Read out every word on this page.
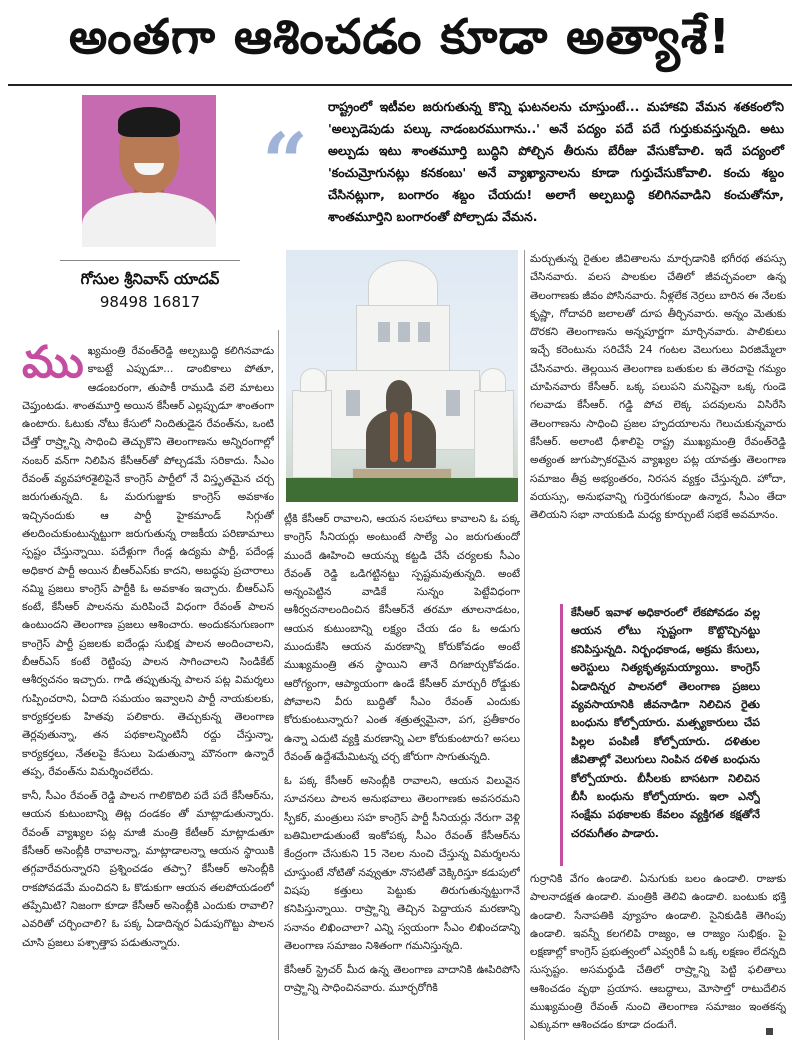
అంతగా ఆశించడం కూడా అత్యాశే!
గోసుల శ్రీనివాస్ యాదవ్
98498 16817
“
రాష్ట్రంలో ఇటీవల జరుగుతున్న కొన్ని ఘటనలను చూస్తుంటే... మహాకవి వేమన శతకంలోని 'అల్పుడెపుడు పల్కు నాడంబరముగాను..' అనే పద్యం పదే పదే గుర్తుకువస్తున్నది. అటు అల్పుడు ఇటు శాంతమూర్తి బుద్ధిని పోల్చిన తీరును బేరీజు వేసుకోవాలి. ఇదే పద్యంలో 'కంచుమ్రోగునట్లు కనకంబు' అనే వ్యాఖ్యానాలను కూడా గుర్తుచేసుకోవాలి. కంచు శబ్దం చేసినట్లుగా, బంగారం శబ్దం చేయదు! అలాగే అల్పబుద్ధి కలిగినవాడిని కంచుతోనూ, శాంతమూర్తిని బంగారంతో పోల్చాడు వేమన.

ముఖ్యమంత్రి రేవంత్‌రెడ్డి అల్పబుద్ధి కలిగినవాడు కాబట్టే ఎప్పుడూ... డాంబికాలు పోతూ, ఆడంబరంగా, తుపాకీ రాముడి వలె మాటలు చెప్తుంటడు. శాంతమూర్తి అయిన కేసీఆర్ ఎల్లప్పుడూ శాంతంగా ఉంటారు. ఓటుకు నోటు కేసులో నిందితుడైన రేవంత్‌ను, ఒంటి చేత్తో రాష్ర్టాన్ని సాధించి తెచ్చుకొని తెలంగాణను అన్నిరంగాల్లో నంబర్ వన్‌గా నిలిపిన కేసీఆర్‌తో పోల్చడమే సరికాదు. సీఎం రేవంత్ వ్యవహారశైలిపైనే కాంగ్రెస్ పార్టీలో నే విస్తృతమైన చర్చ జరుగుతున్నది. ఓ మరుగుజ్జుకు కాంగ్రెస్ అవకాశం ఇచ్చినందుకు ఆ పార్టీ హైకమాండ్ సిగ్గుతో తలదించుకుంటున్నట్టుగా జరుగుతున్న రాజకీయ పరిణామాలు స్పష్టం చేస్తున్నాయి. పదేళ్లుగా గేండ్ల ఉద్యమ పార్టీ, పదేండ్ల అధికార పార్టీ అయిన బీఆర్‌ఎస్‌కు కాదని, అబద్ధపు ప్రచారాలు నమ్మి ప్రజలు కాంగ్రెస్ పార్టీకి ఓ అవకాశం ఇచ్చారు. బీఆర్‌ఎస్ కంటే, కేసీఆర్ పాలనను మరిపించే విధంగా రేవంత్ పాలన ఉంటుందని తెలంగాణ ప్రజలు ఆశించారు. అందుకనుగుణంగా కాంగ్రెస్ పార్టీ ప్రజలకు ఐదేండ్లు సుభిక్ష పాలన అందించాలని, బీఆర్‌ఎస్ కంటే రెట్టింపు పాలన సాగించాలని సిండికేట్ ఆశీర్వచనం ఇచ్చారు. గాడి తప్పుతున్న పాలన పట్ల విమర్శలు గుప్పించరాని, ఏదాది సమయం ఇవ్వాలని పార్టీ నాయకులకు, కార్యకర్తలకు హితవు పలికారు. తెచ్చుకున్న తెలంగాణ తెర్లవుతున్నా, తన పథకాలన్నింటినీ రద్దు చేస్తున్నా, కార్యకర్తలు, నేతలపై కేసులు పెడుతున్నా మౌనంగా ఉన్నారే తప్ప, రేవంత్‌ను విమర్శించలేదు.

కానీ, సీఎం రేవంత్ రెడ్డి పాలన గాలికొదిలి పదే పదే కేసీఆర్‌ను, ఆయన కుటుంబాన్ని తిట్ల దండకం తో మాట్లాడుతున్నారు. రేవంత్ వ్యాఖ్యల పట్ల మాజీ మంత్రి కేటీఆర్ మాట్లాడుతూ కేసీఆర్ అసెంబ్లీకి రావాలన్నా, మాట్లాడాలన్నా ఆయన స్థాయికి తగ్గవారేవరున్నారని ప్రశ్నించడం తప్పా? కేసీఆర్ అసెంబ్లీకి రాకపోవడమే మంచిదని ఓ కొడుకుగా ఆయన తలపోయడంలో తప్పేమిటి? నిజంగా కూడా కేసీఆర్ అసెంబ్లీకి ఎందుకు రావాలి? ఎవరితో చర్చించాలి? ఓ పక్క ఏడాదిన్నర ఏడుపుగొట్టు పాలన చూసి ప్రజలు పశ్చాత్తాప పడుతున్నారు.

ట్లీకి కేసీఆర్ రావాలని, ఆయన సలహాలు కావాలని ఓ పక్క కాంగ్రెస్ సీనియర్లు అంటుంటే సాల్యే ఎం జరుగుతుందో ముందే ఊహించి ఆయన్ను కట్టడి చేసే చర్యలకు సీఎం రేవంత్ రెడ్డి ఒడిగట్టినట్టు స్పష్టమవుతున్నది. అంటే అన్నంపెట్టిన వాడికే సున్నం పెట్టేవిధంగా ఆశీర్వచనాలందించిన కేసీఆర్‌నే తరమా తూలనాడటం, ఆయన కుటుంబాన్ని లక్ష్యం చేయ డం ఓ అడుగు ముందుకేసి ఆయన మరణాన్ని కోరుకోవడం అంటే ముఖ్యమంత్రి తన స్థాయిని తానే దిగజార్చుకోవడం. ఆరోగ్యంగా, ఆప్యాయంగా ఉండే కేసీఆర్ మార్చురీ రోడ్డుకు పోవాలని వీరు బుద్ధితో సీఎం రేవంత్ ఎందుకు కోరుకుంటున్నారు? ఎంత శత్రుత్వమైనా, పగ, ప్రతీకారం ఉన్నా ఎదుటి వ్యక్తి మరణాన్ని ఎలా కోరుకుంటారు? అసలు రేవంత్ ఉద్దేశమేమిటన్న చర్చ జోరుగా సాగుతున్నది.

ఓ పక్క కేసీఆర్ అసెంబ్లీకి రావాలని, ఆయన విలువైన సూచనలు పాలన అనుభవాలు తెలంగాణకు అవసరమని స్పీకర్, మంత్రులు సహ కాంగ్రెస్ పార్టీ సీనియర్లు నేరుగా వెళ్లి బతిమిలాడుతుంటే ఇంకోపక్క సీఎం రేవంత్ కేసీఆర్‌ను కేంద్రంగా చేసుకుని 15 నెలల నుంచి చేస్తున్న విమర్శలను చూస్తుంటే నోటితో నవ్వుతూ నొసటితో వెక్కిరిస్తూ కడుపులో విషపు కత్తులు పెట్టుకు తిరుగుతున్నట్టుగానే కనిపిస్తున్నాయి. రాష్ర్టాన్ని తెచ్చిన పెద్దాయన మరణాన్ని సనానం లిఖించాలా? ఎన్ని స్వయంగా సీఎం లిఖించడాన్ని తెలంగాణ సమాజం నిశితంగా గమనిస్తున్నది.

కేసీఆర్ స్ట్రెచర్ మీద ఉన్న తెలంగాణ వాదానికి ఊపిరిపోసి రాష్ర్టాన్ని సాధించినవారు. మూర్ఛరోగికి

మర్చుతున్న రైతుల జీవితాలను మార్చడానికి భగీరథ తపస్సు చేసినవారు. వలస పాలకుల చేతిలో జీవచ్ఛవంలా ఉన్న తెలంగాణకు జీవం పోసినవారు. నీళ్లలేక నెర్రలు బారిన ఈ నేలకు కృష్ణా, గోదావరి జలాలతో దూప తీర్చినవారు. అన్నం మెతుకు దొరకని తెలంగాణను అన్నపూర్ణగా మార్చినవారు. పాలికులు ఇచ్చే కరెంటును సరిచేసే 24 గంటల వెలుగులు విరజిమ్మేలా చేసినవారు. తెల్లయిన తెలంగాణ బతుకుల కు తెరచాపై గమ్యం చూపినవారు కేసీఆర్. ఒక్క పలుపని మనిషైనా ఒక్క గుండె గలవాడు కేసీఆర్. గడ్డి పోచ లెక్క పదవులను విసిరేసి తెలంగాణను సాధించి ప్రజల హృదయాలను గెలుచుకున్నవారు కేసీఆర్. అలాంటి ధీశాలిపై రాష్ట్ర ముఖ్యమంత్రి రేవంత్‌రెడ్డి అత్యంత జుగుప్సాకరమైన వ్యాఖ్యల పట్ల యావత్తు తెలంగాణ సమాజం తీవ్ర అభ్యంతరం, నిరసన వ్యక్తం చేస్తున్నది. హోదా, వయస్సు, అనుభవాన్ని గుర్తెరుగకుండా ఉన్మాద, సీఎం తేదా తెలియని సభా నాయకుడి మధ్య కూర్చుంటే సభకే అవమానం.

గుర్రానికి వేగం ఉండాలి. ఏనుగుకు బలం ఉండాలి. రాజుకు పాలనాదక్షత ఉండాలి. మంత్రికి తెలివి ఉండాలి. బంటుకు భక్తి ఉండాలి. సేనాపతికి వ్యూహం ఉండాలి. సైనికుడికి తెగింపు ఉండాలి. ఇవన్నీ కలగలిపి రాజ్యం, ఆ రాజ్యం సుభిక్షం. పై లక్షణాల్లో కాంగ్రెస్ ప్రభుత్వంలో ఎవ్వరికీ ఏ ఒక్క లక్షణం లేదన్నది సుస్పష్టం. అసమర్థుడి చేతిలో రాష్ర్టాన్ని పెట్టి ఫలితాలు ఆశించడం వృథా ప్రయాస. ఆబద్ధాలు, మోసాల్తో రాటుదేలిన ముఖ్యమంత్రి రేవంత్ నుంచి తెలంగాణ సమాజం ఇంతకన్న ఎక్కువగా ఆశించడం కూడా దండుగే.

కేసీఆర్ ఇవాళ అధికారంలో లేకపోవడం వల్ల ఆయన లోటు స్పష్టంగా కొట్టొచ్చినట్టు కనిపిస్తున్నది. నిర్బంధకాండ, అక్రమ కేసులు, అరెస్టులు నిత్యకృత్యమయ్యాయి. కాంగ్రెస్ ఏడాదిన్నర పాలనలో తెలంగాణ ప్రజలు వ్యవసాయానికి జీవనాడిగా నిలిచిన రైతు బంధును కోల్పోయారు. మత్స్యకారులు చేప పిల్లల పంపిణీ కోల్పోయారు. దళితుల జీవితాల్లో వెలుగులు నింపిన దళిత బంధును కోల్పోయారు. బీసీలకు బాసటగా నిలిచిన బీసీ బంధును కోల్పోయారు. ఇలా ఎన్నో సంక్షేమ పథకాలకు కేవలం వ్యక్తిగత కక్షతోనే చరమగీతం పాడారు.
